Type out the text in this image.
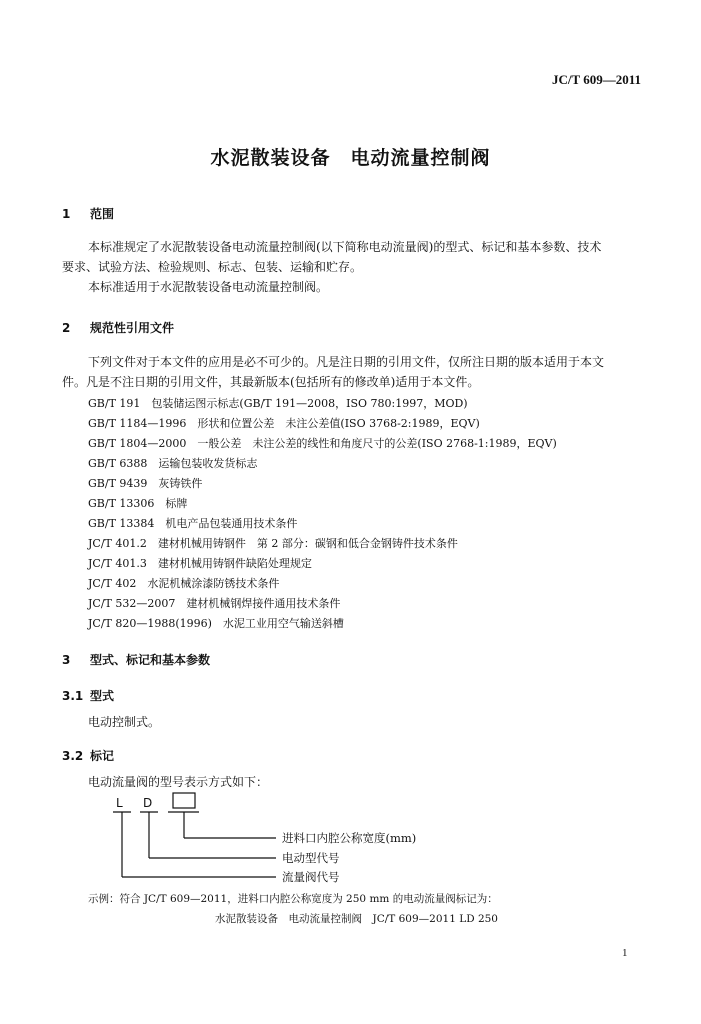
JC/T 609—2011
水泥散装设备　电动流量控制阀
1 范围
本标准规定了水泥散装设备电动流量控制阀(以下简称电动流量阀)的型式、标记和基本参数、技术
要求、试验方法、检验规则、标志、包装、运输和贮存。
本标准适用于水泥散装设备电动流量控制阀。
2 规范性引用文件
下列文件对于本文件的应用是必不可少的。凡是注日期的引用文件，仅所注日期的版本适用于本文
件。凡是不注日期的引用文件，其最新版本(包括所有的修改单)适用于本文件。
GB/T 191　包装储运图示标志(GB/T 191—2008，ISO 780:1997，MOD)
GB/T 1184—1996　形状和位置公差　未注公差值(ISO 3768-2:1989，EQV)
GB/T 1804—2000　一般公差　未注公差的线性和角度尺寸的公差(ISO 2768-1:1989，EQV)
GB/T 6388　运输包装收发货标志
GB/T 9439　灰铸铁件
GB/T 13306　标牌
GB/T 13384　机电产品包装通用技术条件
JC/T 401.2　建材机械用铸钢件　第 2 部分：碳钢和低合金钢铸件技术条件
JC/T 401.3　建材机械用铸钢件缺陷处理规定
JC/T 402　水泥机械涂漆防锈技术条件
JC/T 532—2007　建材机械钢焊接件通用技术条件
JC/T 820—1988(1996)　水泥工业用空气输送斜槽
3 型式、标记和基本参数
3.1 型式
电动控制式。
3.2 标记
电动流量阀的型号表示方式如下：
L D
进料口内腔公称宽度(mm)
电动型代号
流量阀代号
示例：符合 JC/T 609—2011，进料口内腔公称宽度为 250 mm 的电动流量阀标记为：
水泥散装设备　电动流量控制阀　JC/T 609—2011 LD 250
1
